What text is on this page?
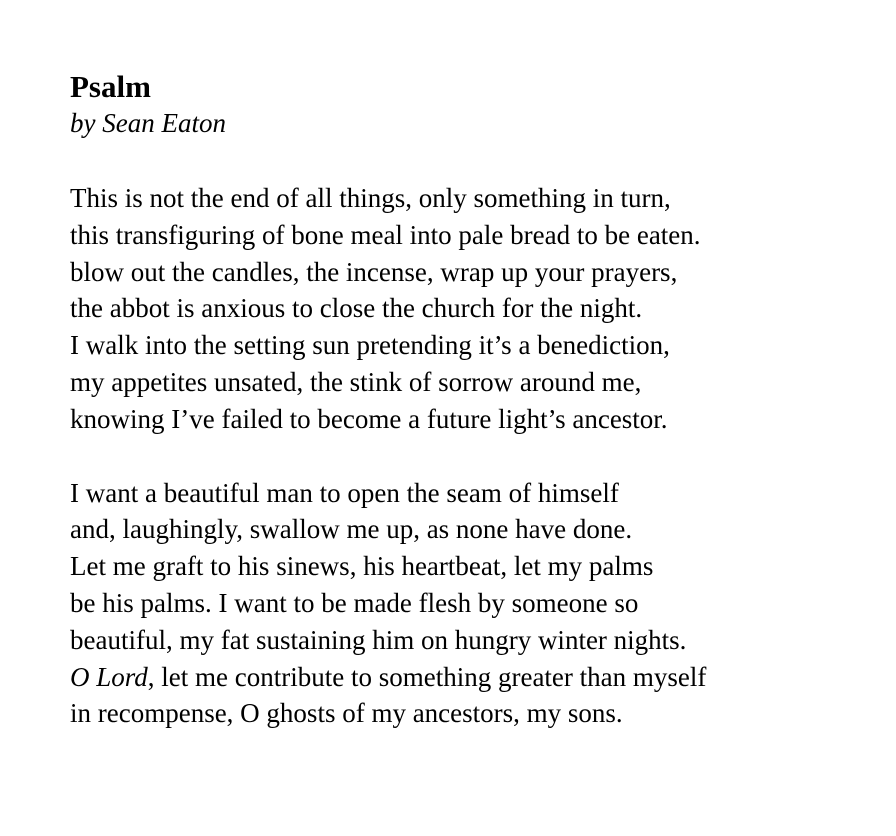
Psalm

by Sean Eaton

This is not the end of all things, only something in turn,
this transfiguring of bone meal into pale bread to be eaten.
blow out the candles, the incense, wrap up your prayers,
the abbot is anxious to close the church for the night.
I walk into the setting sun pretending it’s a benediction,
my appetites unsated, the stink of sorrow around me,
knowing I’ve failed to become a future light’s ancestor.
I want a beautiful man to open the seam of himself
and, laughingly, swallow me up, as none have done.
Let me graft to his sinews, his heartbeat, let my palms
be his palms. I want to be made flesh by someone so
beautiful, my fat sustaining him on hungry winter nights.
O Lord, let me contribute to something greater than myself
in recompense, O ghosts of my ancestors, my sons.
